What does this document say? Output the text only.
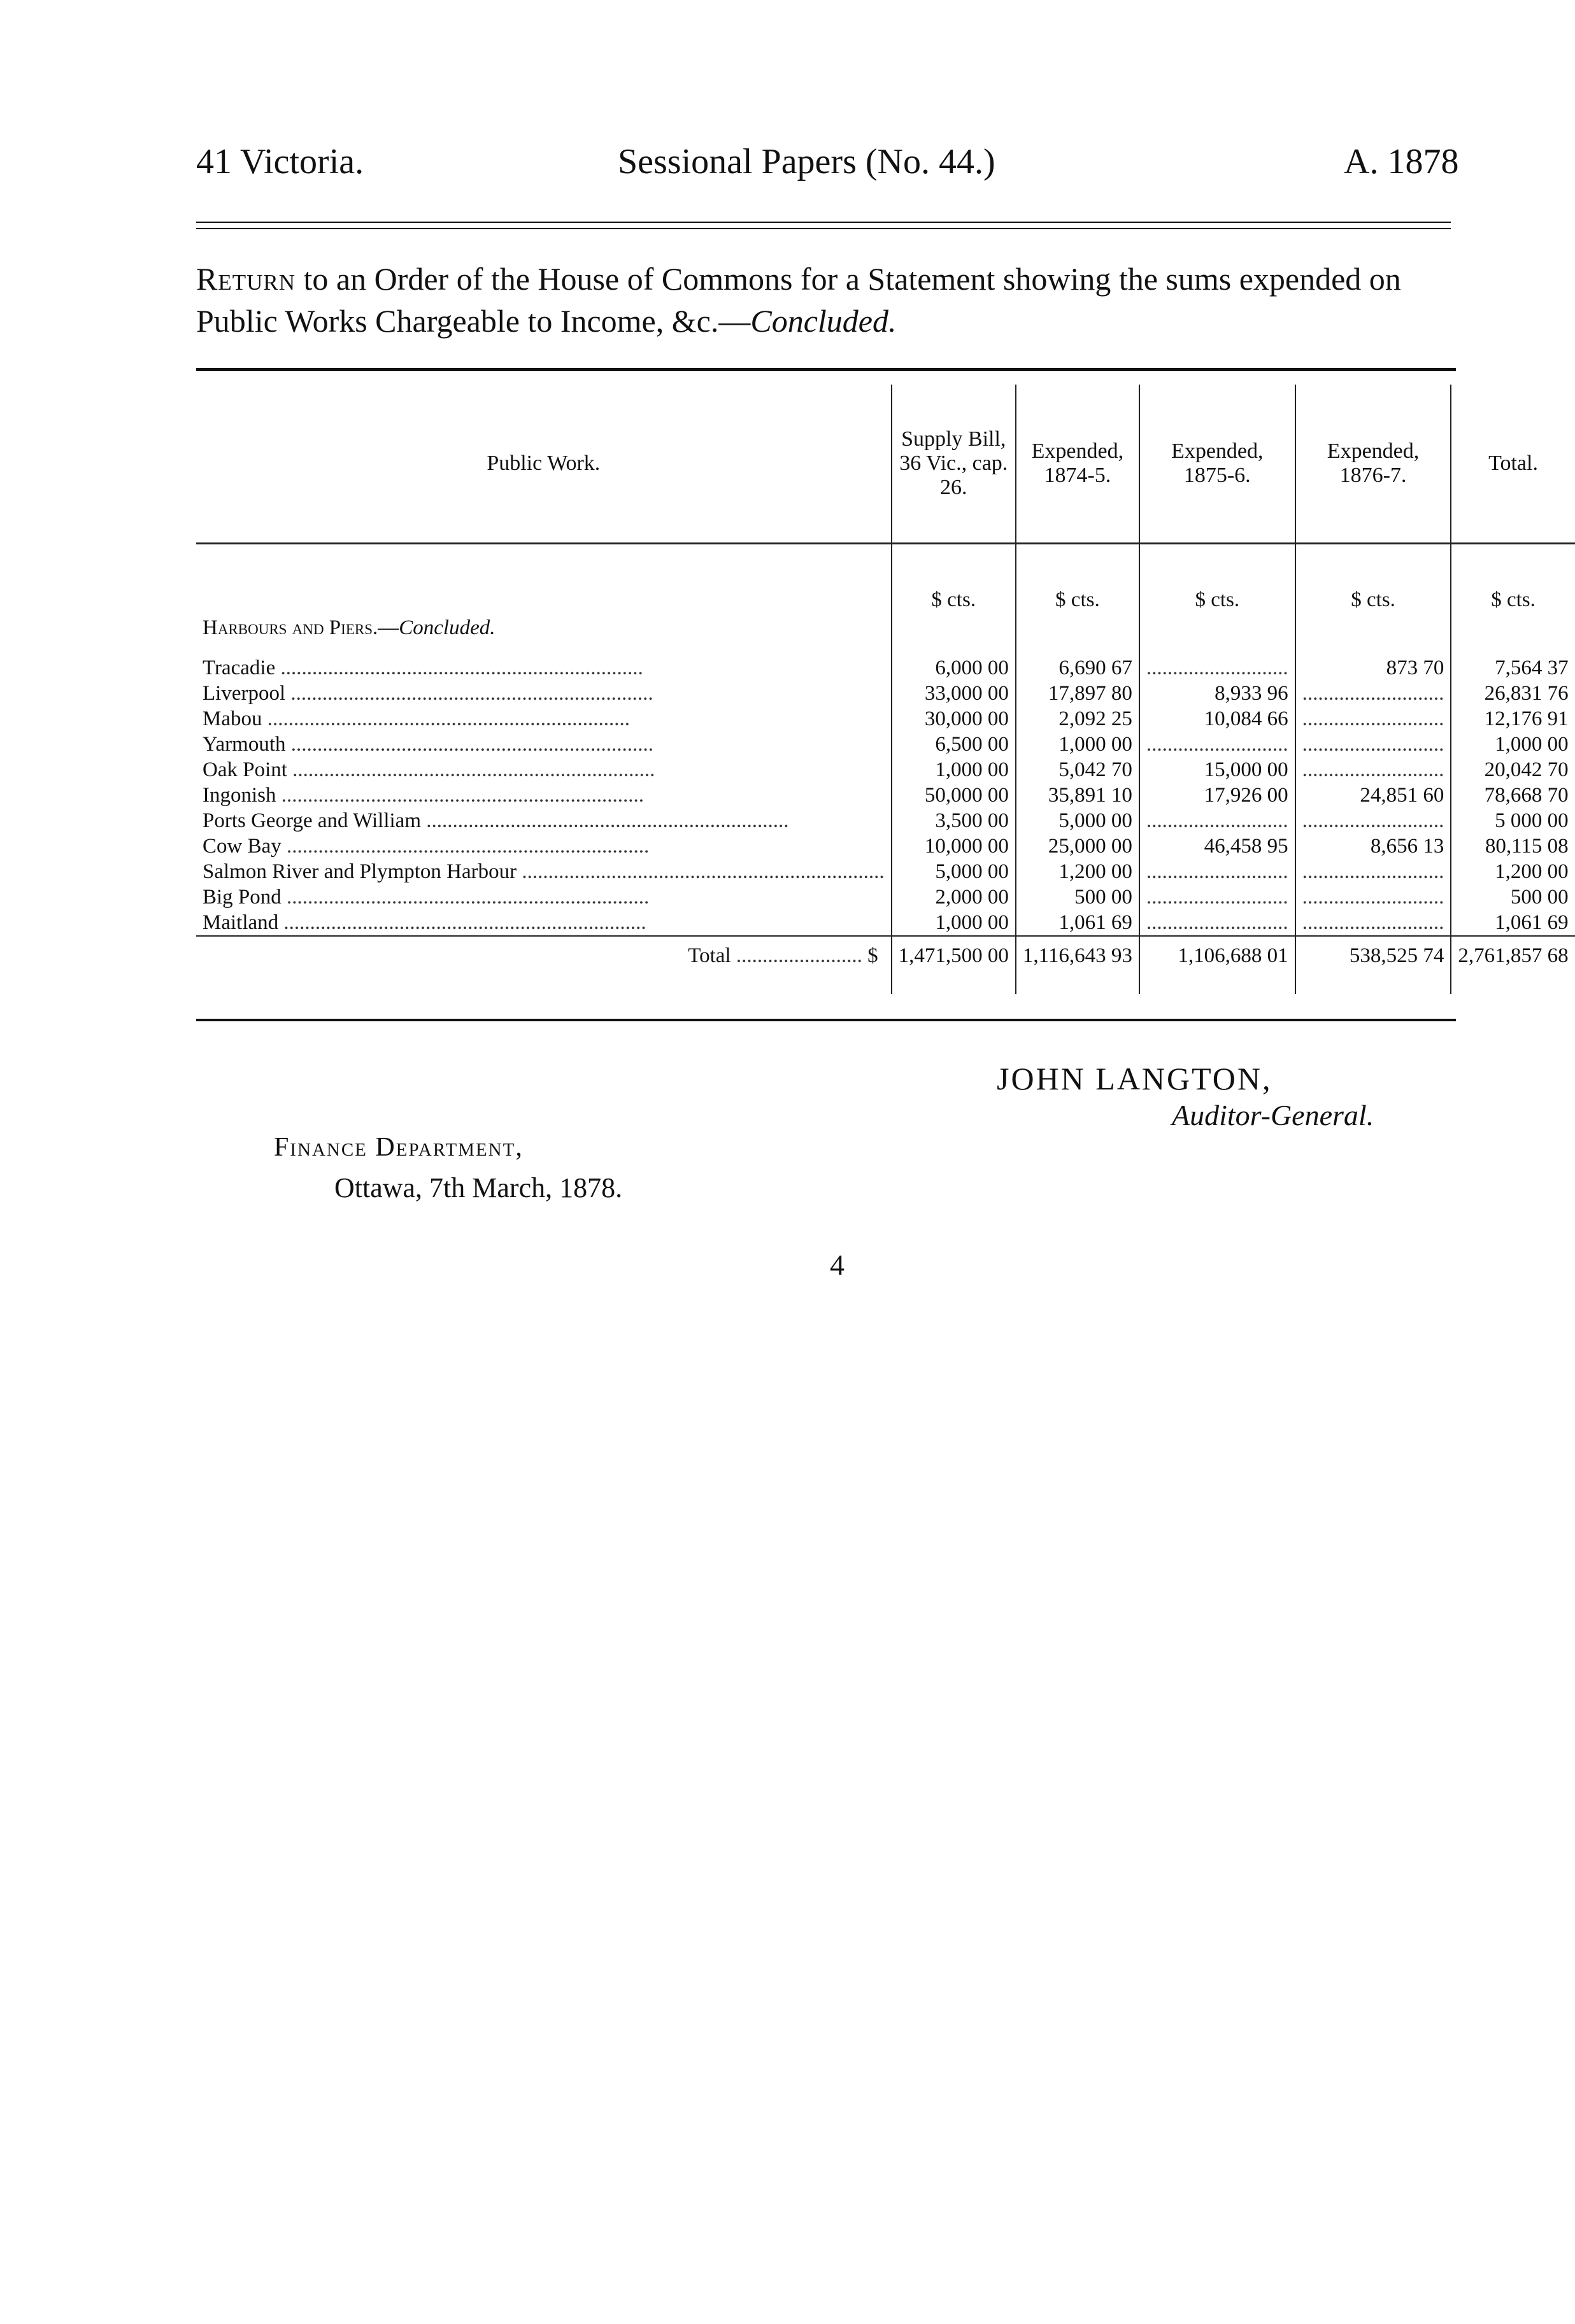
41 Victoria.	Sessional Papers (No. 44.)	A. 1878
Return to an Order of the House of Commons for a Statement showing the sums expended on Public Works Chargeable to Income, &c.—Concluded.
Public Work.	Supply Bill, 36 Vic., cap. 26.	Expended, 1874-5.	Expended, 1875-6.	Expended, 1876-7.	Total.
Harbours and Piers.—Concluded.	$ cts.	$ cts.	$ cts.	$ cts.	$ cts.
Tracadie .....	6,000 00	6,690 67	.....	873 70	7,564 37
Liverpool .....	33,000 00	17,897 80	8,933 96	.....	26,831 76
Mabou .....	30,000 00	2,092 25	10,084 66	.....	12,176 91
Yarmouth .....	6,500 00	1,000 00	.....	.....	1,000 00
Oak Point .....	1,000 00	5,042 70	15,000 00	.....	20,042 70
Ingonish .....	50,000 00	35,891 10	17,926 00	24,851 60	78,668 70
Ports George and William .....	3,500 00	5,000 00	.....	.....	5 000 00
Cow Bay .....	10,000 00	25,000 00	46,458 95	8,656 13	80,115 08
Salmon River and Plympton Harbour .....	5,000 00	1,200 00	.....	.....	1,200 00
Big Pond .....	2,000 00	500 00	.....	.....	500 00
Maitland .....	1,000 00	1,061 69	.....	.....	1,061 69
Total ........................ $	1,471,500 00	1,116,643 93	1,106,688 01	538,525 74	2,761,857 68
JOHN LANGTON,
Auditor-General.
Finance Department,
Ottawa, 7th March, 1878.
4
